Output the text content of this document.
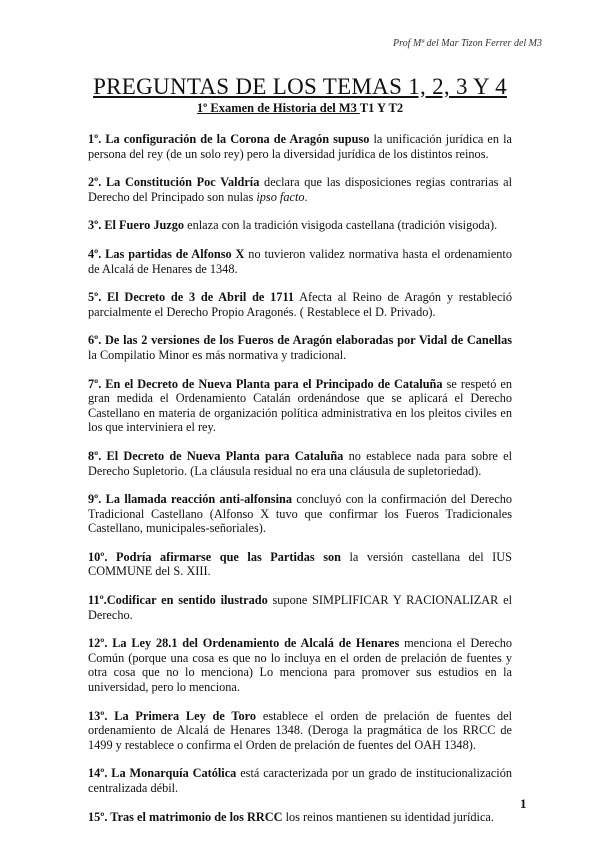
Prof Mª del Mar Tizon Ferrer del M3
PREGUNTAS DE LOS TEMAS 1, 2, 3 Y 4
1º Examen de Historia del M3 T1 Y T2

1º. La configuración de la Corona de Aragón supuso la unificación jurídica en la persona del rey (de un solo rey) pero la diversidad jurídica de los distintos reinos.

2º. La Constitución Poc Valdría declara que las disposiciones regias contrarias al Derecho del Principado son nulas ipso facto.

3º. El Fuero Juzgo enlaza con la tradición visigoda castellana (tradición visigoda).

4º. Las partidas de Alfonso X no tuvieron validez normativa hasta el ordenamiento de Alcalá de Henares de 1348.

5º. El Decreto de 3 de Abril de 1711 Afecta al Reino de Aragón y restableció parcialmente el Derecho Propio Aragonés. ( Restablece el D. Privado).

6º. De las 2 versiones de los Fueros de Aragón elaboradas por Vidal de Canellas la Compilatio Minor es más normativa y tradicional.

7º. En el Decreto de Nueva Planta para el Principado de Cataluña se respetó en gran medida el Ordenamiento Catalán ordenándose que se aplicará el Derecho Castellano en materia de organización política administrativa en los pleitos civiles en los que interviniera el rey.

8º. El Decreto de Nueva Planta para Cataluña no establece nada para sobre el Derecho Supletorio. (La cláusula residual no era una cláusula de supletoriedad).

9º. La llamada reacción anti-alfonsina concluyó con la confirmación del Derecho Tradicional Castellano (Alfonso X tuvo que confirmar los Fueros Tradicionales Castellano, municipales-señoriales).

10º. Podría afirmarse que las Partidas son la versión castellana del IUS COMMUNE del S. XIII.

11º.Codificar en sentido ilustrado supone SIMPLIFICAR Y RACIONALIZAR el Derecho.

12º. La Ley 28.1 del Ordenamiento de Alcalá de Henares menciona el Derecho Común (porque una cosa es que no lo incluya en el orden de prelación de fuentes y otra cosa que no lo menciona) Lo menciona para promover sus estudios en la universidad, pero lo menciona.

13º. La Primera Ley de Toro establece el orden de prelación de fuentes del ordenamiento de Alcalá de Henares 1348. (Deroga la pragmática de los RRCC de 1499 y restablece o confirma el Orden de prelación de fuentes del OAH 1348).

14º. La Monarquía Católica está caracterizada por un grado de institucionalización centralizada débil.

15º. Tras el matrimonio de los RRCC los reinos mantienen su identidad jurídica.

1
